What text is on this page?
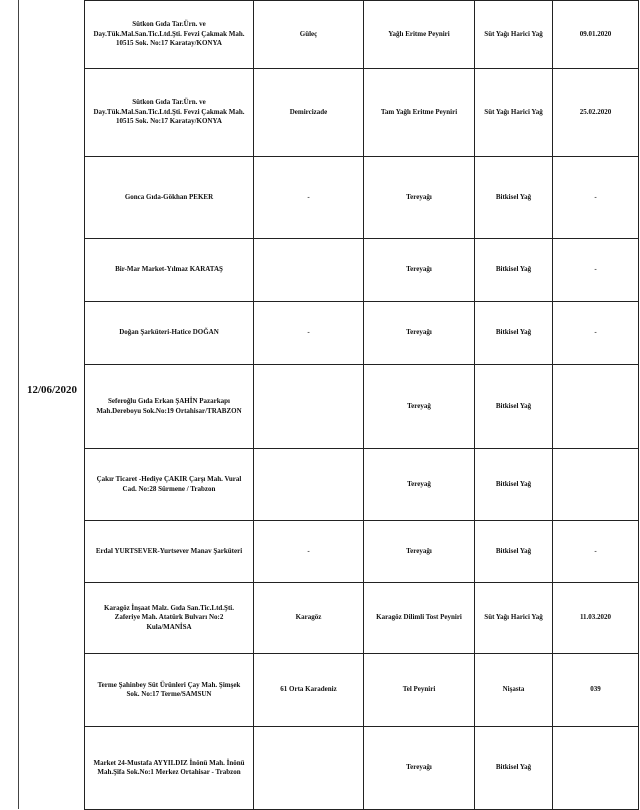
12/06/2020
Sütkon Gıda Tar.Ürn. ve Day.Tük.Mal.San.Tic.Ltd.Şti. Fevzi Çakmak Mah. 10515 Sok. No:17 Karatay/KONYA	Güleç	Yağlı Eritme Peyniri	Süt Yağı Harici Yağ	09.01.2020
Sütkon Gıda Tar.Ürn. ve Day.Tük.Mal.San.Tic.Ltd.Şti. Fevzi Çakmak Mah. 10515 Sok. No:17 Karatay/KONYA	Demircizade	Tam Yağlı Eritme Peyniri	Süt Yağı Harici Yağ	25.02.2020
Gonca Gıda-Gökhan PEKER	-	Tereyağı	Bitkisel Yağ	-
Bir-Mar Market-Yılmaz KARATAŞ		Tereyağı	Bitkisel Yağ	-
Doğan Şarküteri-Hatice DOĞAN	-	Tereyağı	Bitkisel Yağ	-
Seferoğlu Gıda Erkan ŞAHİN Pazarkapı Mah.Dereboyu Sok.No:19 Ortahisar/TRABZON		Tereyağ	Bitkisel Yağ	
Çakır Ticaret -Hediye ÇAKIR Çarşı Mah. Vural Cad. No:28 Sürmene / Trabzon		Tereyağ	Bitkisel Yağ	
Erdal YURTSEVER-Yurtsever Manav Şarküteri	-	Tereyağı	Bitkisel Yağ	-
Karagöz İnşaat Malz. Gıda San.Tic.Ltd.Şti. Zaferiye Mah. Atatürk Bulvarı No:2 Kula/MANİSA	Karagöz	Karagöz Dilimli Tost Peyniri	Süt Yağı Harici Yağ	11.03.2020
Terme Şahinbey Süt Ürünleri Çay Mah. Şimşek Sok. No:17 Terme/SAMSUN	61 Orta Karadeniz	Tel Peyniri	Nişasta	039
Market 24-Mustafa AYYILDIZ İnönü Mah. İnönü Mah.Şifa Sok.No:1 Merkez Ortahisar - Trabzon		Tereyağı	Bitkisel Yağ	
